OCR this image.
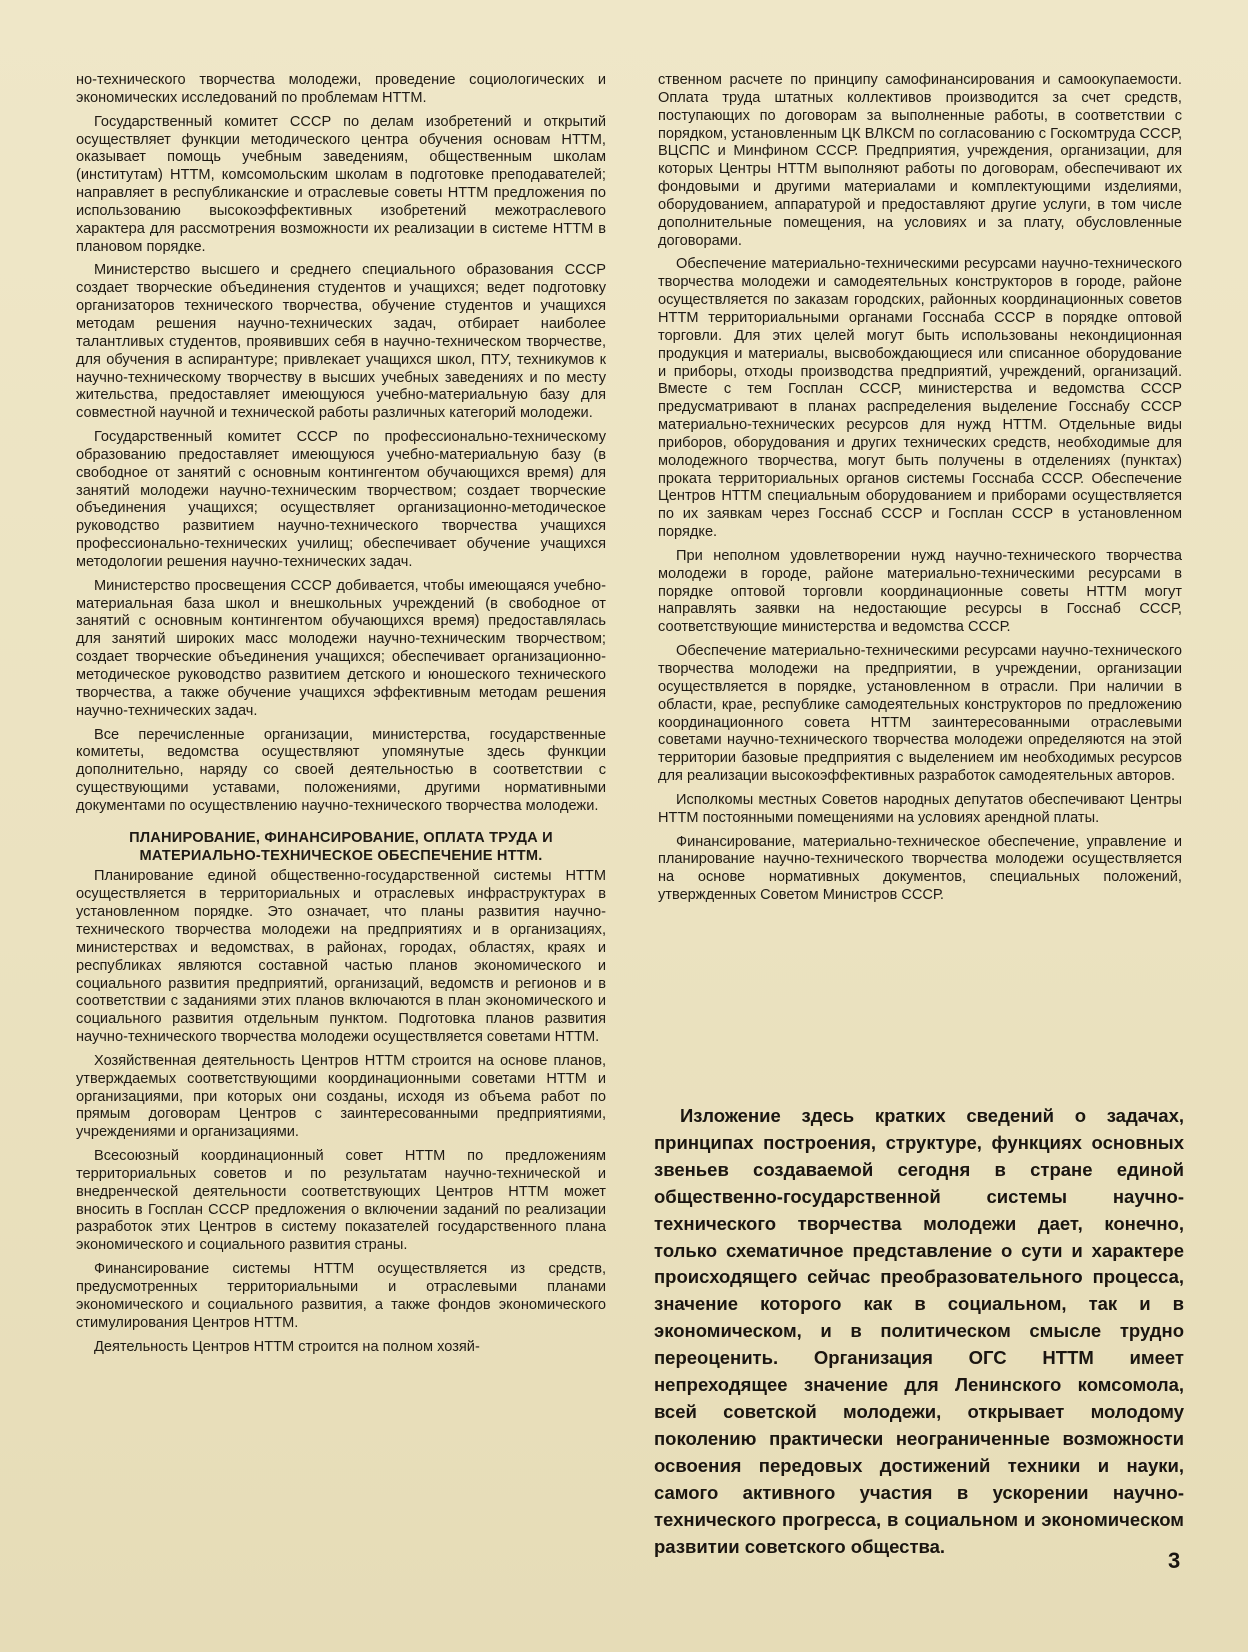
но-технического творчества молодежи, проведение социологических и экономических исследований по проблемам НТТМ.

Государственный комитет СССР по делам изобретений и открытий осуществляет функции методического центра обучения основам НТТМ, оказывает помощь учебным заведениям, общественным школам (институтам) НТТМ, комсомольским школам в подготовке преподавателей; направляет в республиканские и отраслевые советы НТТМ предложения по использованию высокоэффективных изобретений межотраслевого характера для рассмотрения возможности их реализации в системе НТТМ в плановом порядке.

Министерство высшего и среднего специального образования СССР создает творческие объединения студентов и учащихся; ведет подготовку организаторов технического творчества, обучение студентов и учащихся методам решения научно-технических задач, отбирает наиболее талантливых студентов, проявивших себя в научно-техническом творчестве, для обучения в аспирантуре; привлекает учащихся школ, ПТУ, техникумов к научно-техническому творчеству в высших учебных заведениях и по месту жительства, предоставляет имеющуюся учебно-материальную базу для совместной научной и технической работы различных категорий молодежи.

Государственный комитет СССР по профессионально-техническому образованию предоставляет имеющуюся учебно-материальную базу (в свободное от занятий с основным контингентом обучающихся время) для занятий молодежи научно-техническим творчеством; создает творческие объединения учащихся; осуществляет организационно-методическое руководство развитием научно-технического творчества учащихся профессионально-технических училищ; обеспечивает обучение учащихся методологии решения научно-технических задач.

Министерство просвещения СССР добивается, чтобы имеющаяся учебно-материальная база школ и внешкольных учреждений (в свободное от занятий с основным контингентом обучающихся время) предоставлялась для занятий широких масс молодежи научно-техническим творчеством; создает творческие объединения учащихся; обеспечивает организационно-методическое руководство развитием детского и юношеского технического творчества, а также обучение учащихся эффективным методам решения научно-технических задач.

Все перечисленные организации, министерства, государственные комитеты, ведомства осуществляют упомянутые здесь функции дополнительно, наряду со своей деятельностью в соответствии с существующими уставами, положениями, другими нормативными документами по осуществлению научно-технического творчества молодежи.

ПЛАНИРОВАНИЕ, ФИНАНСИРОВАНИЕ, ОПЛАТА ТРУДА И МАТЕРИАЛЬНО-ТЕХНИЧЕСКОЕ ОБЕСПЕЧЕНИЕ НТТМ.

Планирование единой общественно-государственной системы НТТМ осуществляется в территориальных и отраслевых инфраструктурах в установленном порядке. Это означает, что планы развития научно-технического творчества молодежи на предприятиях и в организациях, министерствах и ведомствах, в районах, городах, областях, краях и республиках являются составной частью планов экономического и социального развития предприятий, организаций, ведомств и регионов и в соответствии с заданиями этих планов включаются в план экономического и социального развития отдельным пунктом. Подготовка планов развития научно-технического творчества молодежи осуществляется советами НТТМ.

Хозяйственная деятельность Центров НТТМ строится на основе планов, утверждаемых соответствующими координационными советами НТТМ и организациями, при которых они созданы, исходя из объема работ по прямым договорам Центров с заинтересованными предприятиями, учреждениями и организациями.

Всесоюзный координационный совет НТТМ по предложениям территориальных советов и по результатам научно-технической и внедренческой деятельности соответствующих Центров НТТМ может вносить в Госплан СССР предложения о включении заданий по реализации разработок этих Центров в систему показателей государственного плана экономического и социального развития страны.

Финансирование системы НТТМ осуществляется из средств, предусмотренных территориальными и отраслевыми планами экономического и социального развития, а также фондов экономического стимулирования Центров НТТМ.

Деятельность Центров НТТМ строится на полном хозяй-

ственном расчете по принципу самофинансирования и самоокупаемости. Оплата труда штатных коллективов производится за счет средств, поступающих по договорам за выполненные работы, в соответствии с порядком, установленным ЦК ВЛКСМ по согласованию с Госкомтруда СССР, ВЦСПС и Минфином СССР. Предприятия, учреждения, организации, для которых Центры НТТМ выполняют работы по договорам, обеспечивают их фондовыми и другими материалами и комплектующими изделиями, оборудованием, аппаратурой и предоставляют другие услуги, в том числе дополнительные помещения, на условиях и за плату, обусловленные договорами.

Обеспечение материально-техническими ресурсами научно-технического творчества молодежи и самодеятельных конструкторов в городе, районе осуществляется по заказам городских, районных координационных советов НТТМ территориальными органами Госснаба СССР в порядке оптовой торговли. Для этих целей могут быть использованы некондиционная продукция и материалы, высвобождающиеся или списанное оборудование и приборы, отходы производства предприятий, учреждений, организаций. Вместе с тем Госплан СССР, министерства и ведомства СССР предусматривают в планах распределения выделение Госснабу СССР материально-технических ресурсов для нужд НТТМ. Отдельные виды приборов, оборудования и других технических средств, необходимые для молодежного творчества, могут быть получены в отделениях (пунктах) проката территориальных органов системы Госснаба СССР. Обеспечение Центров НТТМ специальным оборудованием и приборами осуществляется по их заявкам через Госснаб СССР и Госплан СССР в установленном порядке.

При неполном удовлетворении нужд научно-технического творчества молодежи в городе, районе материально-техническими ресурсами в порядке оптовой торговли координационные советы НТТМ могут направлять заявки на недостающие ресурсы в Госснаб СССР, соответствующие министерства и ведомства СССР.

Обеспечение материально-техническими ресурсами научно-технического творчества молодежи на предприятии, в учреждении, организации осуществляется в порядке, установленном в отрасли. При наличии в области, крае, республике самодеятельных конструкторов по предложению координационного совета НТТМ заинтересованными отраслевыми советами научно-технического творчества молодежи определяются на этой территории базовые предприятия с выделением им необходимых ресурсов для реализации высокоэффективных разработок самодеятельных авторов.

Исполкомы местных Советов народных депутатов обеспечивают Центры НТТМ постоянными помещениями на условиях арендной платы.

Финансирование, материально-техническое обеспечение, управление и планирование научно-технического творчества молодежи осуществляется на основе нормативных документов, специальных положений, утвержденных Советом Министров СССР.

Изложение здесь кратких сведений о задачах, принципах построения, структуре, функциях основных звеньев создаваемой сегодня в стране единой общественно-государственной системы научно-технического творчества молодежи дает, конечно, только схематичное представление о сути и характере происходящего сейчас преобразовательного процесса, значение которого как в социальном, так и в экономическом, и в политическом смысле трудно переоценить. Организация ОГС НТТМ имеет непреходящее значение для Ленинского комсомола, всей советской молодежи, открывает молодому поколению практически неограниченные возможности освоения передовых достижений техники и науки, самого активного участия в ускорении научно-технического прогресса, в социальном и экономическом развитии советского общества.

3
